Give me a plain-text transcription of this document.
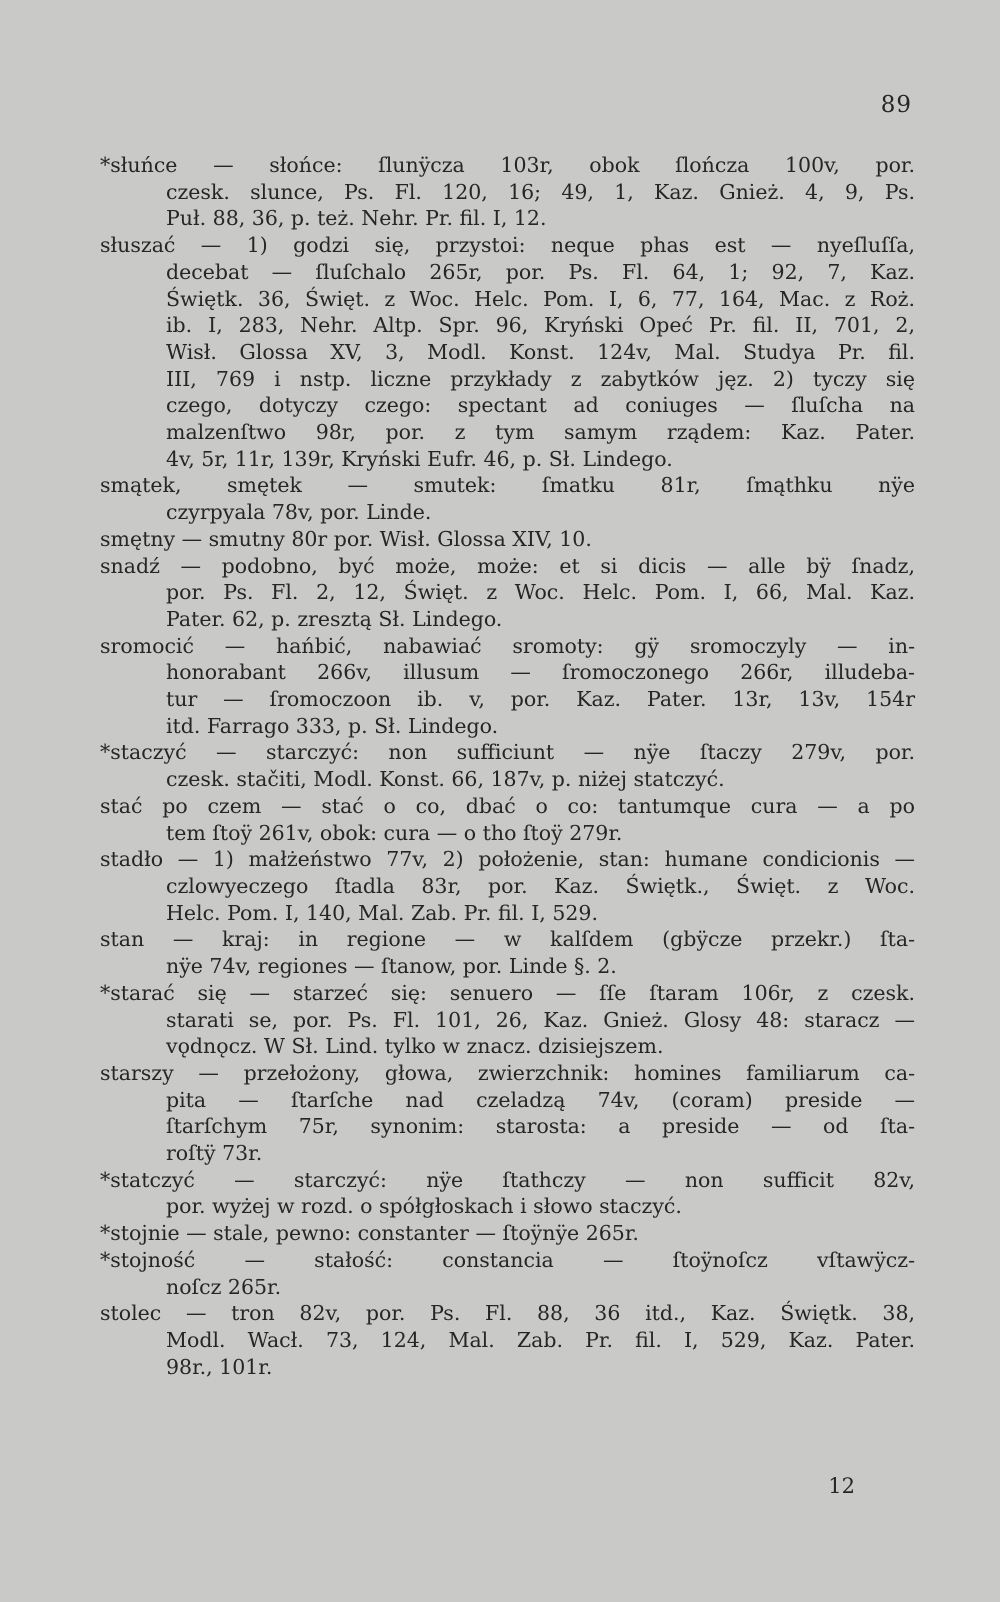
89
*słuńce — słońce: ſlunÿcza 103r, obok ſlończa 100v, por.
czesk. slunce, Ps. Fl. 120, 16; 49, 1, Kaz. Gnież. 4, 9, Ps.
Puł. 88, 36, p. też. Nehr. Pr. fil. I, 12.
słuszać — 1) godzi się, przystoi: neque phas est — nyeſluſſa,
decebat — ſluſchalo 265r, por. Ps. Fl. 64, 1; 92, 7, Kaz.
Świętk. 36, Święt. z Woc. Helc. Pom. I, 6, 77, 164, Mac. z Roż.
ib. I, 283, Nehr. Altp. Spr. 96, Kryński Opeć Pr. fil. II, 701, 2,
Wisł. Glossa XV, 3, Modl. Konst. 124v, Mal. Studya Pr. fil.
III, 769 i nstp. liczne przykłady z zabytków jęz. 2) tyczy się
czego, dotyczy czego: spectant ad coniuges — ſluſcha na
malzenſtwo 98r, por. z tym samym rządem: Kaz. Pater.
4v, 5r, 11r, 139r, Kryński Eufr. 46, p. Sł. Lindego.
smątek, smętek — smutek: ſmatku 81r, ſmąthku nÿe
czyrpyala 78v, por. Linde.
smętny — smutny 80r por. Wisł. Glossa XIV, 10.
snadź — podobno, być może, może: et si dicis — alle bÿ ſnadz,
por. Ps. Fl. 2, 12, Święt. z Woc. Helc. Pom. I, 66, Mal. Kaz.
Pater. 62, p. zresztą Sł. Lindego.
sromocić — hańbić, nabawiać sromoty: gÿ sromoczyly — in-
honorabant 266v, illusum — ſromoczonego 266r, illudeba-
tur — ſromoczoon ib. v, por. Kaz. Pater. 13r, 13v, 154r
itd. Farrago 333, p. Sł. Lindego.
*staczyć — starczyć: non sufficiunt — nÿe ſtaczy 279v, por.
czesk. stačiti, Modl. Konst. 66, 187v, p. niżej statczyć.
stać po czem — stać o co, dbać o co: tantumque cura — a po
tem ſtoÿ 261v, obok: cura — o tho ſtoÿ 279r.
stadło — 1) małżeństwo 77v, 2) położenie, stan: humane condicionis —
czlowyeczego ſtadla 83r, por. Kaz. Świętk., Święt. z Woc.
Helc. Pom. I, 140, Mal. Zab. Pr. fil. I, 529.
stan — kraj: in regione — w kalſdem (gbÿcze przekr.) ſta-
nÿe 74v, regiones — ſtanow, por. Linde §. 2.
*starać się — starzeć się: senuero — ſſe ſtaram 106r, z czesk.
starati se, por. Ps. Fl. 101, 26, Kaz. Gnież. Glosy 48: staracz —
vǫdnǫcz. W Sł. Lind. tylko w znacz. dzisiejszem.
starszy — przełożony, głowa, zwierzchnik: homines familiarum ca-
pita — ſtarſche nad czeladzą 74v, (coram) preside —
ſtarſchym 75r, synonim: starosta: a preside — od ſta-
roſtÿ 73r.
*statczyć — starczyć: nÿe ſtathczy — non sufficit 82v,
por. wyżej w rozd. o spółgłoskach i słowo staczyć.
*stojnie — stale, pewno: constanter — ſtoÿnÿe 265r.
*stojność — stałość: constancia — ſtoÿnoſcz vſtawÿcz-
noſcz 265r.
stolec — tron 82v, por. Ps. Fl. 88, 36 itd., Kaz. Świętk. 38,
Modl. Wacł. 73, 124, Mal. Zab. Pr. fil. I, 529, Kaz. Pater.
98r., 101r.
12
